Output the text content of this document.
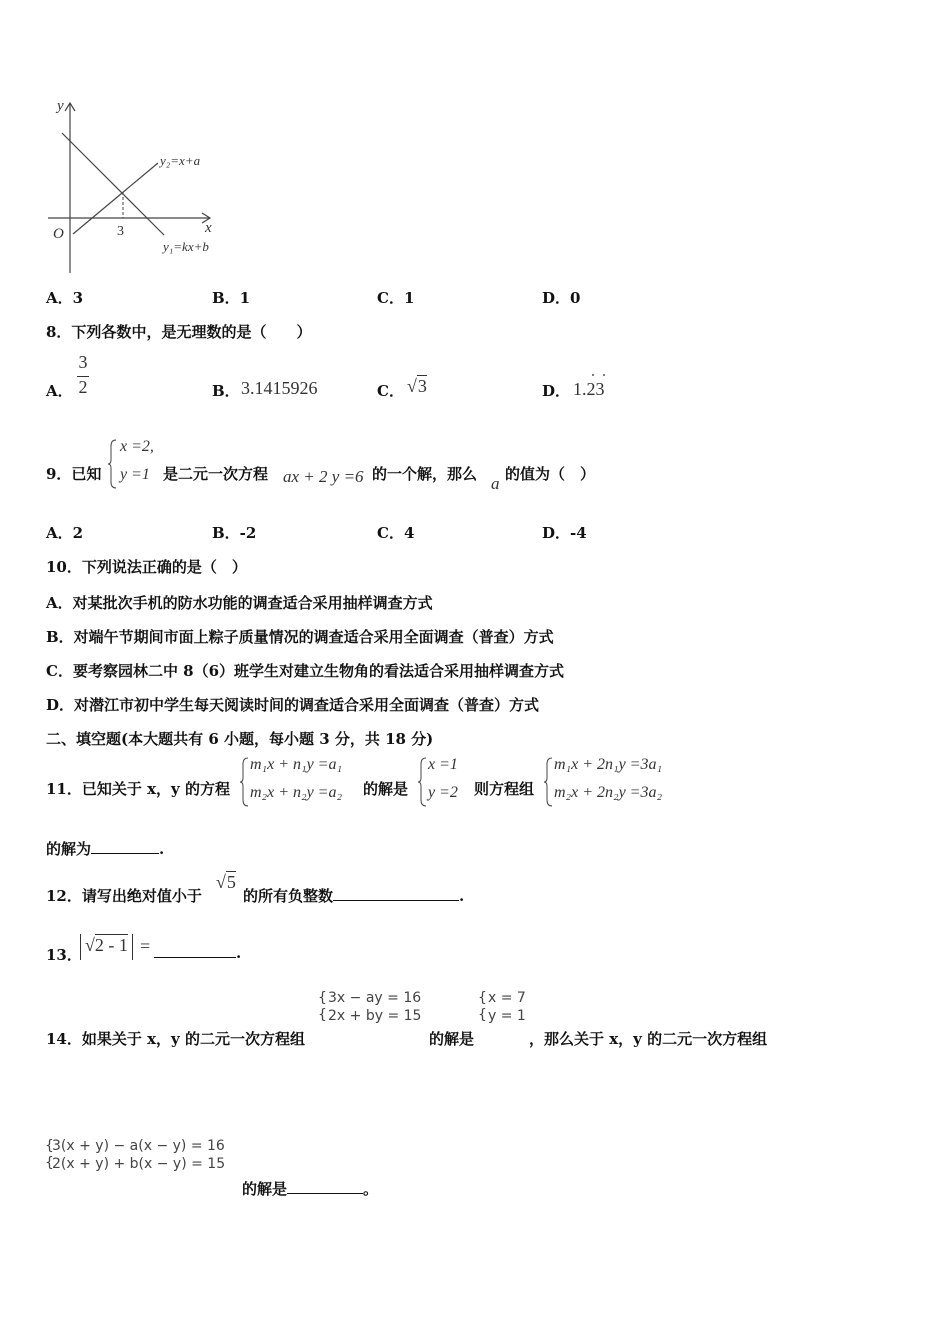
y
x
O	3
y₂=x+a
y₁=kx+b
A．3	B．1	C．1	D．0
8．下列各数中，是无理数的是（　　）
A．
3
2	B． 3.1415926	C． √3	D． 1.23
9．已知
x =2,
y =1 是二元一次方程 ax + 2 y =6 的一个解，那么 a 的值为（　）
A．2	B．-2	C．4	D．-4
10．下列说法正确的是（　）
A．对某批次手机的防水功能的调查适合采用抽样调查方式
B．对端午节期间市面上粽子质量情况的调查适合采用全面调查（普查）方式
C．要考察园林二中 8（6）班学生对建立生物角的看法适合采用抽样调查方式
D．对潜江市初中学生每天阅读时间的调查适合采用全面调查（普查）方式
二、填空题(本大题共有 6 小题，每小题 3 分，共 18 分)
11．已知关于 x，y 的方程
m₁x + n₁y =a₁
m₂x + n₂y =a₂ 的解是
x =1
y =2 则方程组
m₁x + 2n₁y =3a₁
m₂x + 2n₂y =3a₂
的解为	.
12．请写出绝对值小于
√5
的所有负整数	.
13． √2 - 1 =	.
14．如果关于 x，y 的二元一次方程组
{
{
3x − ay = 16
2x + by = 15
的解是
{
{
x = 7
y = 1
，那么关于 x，y 的二元一次方程组
{
{
3(x + y) − a(x − y) = 16
2(x + y) + b(x − y) = 15
的解是	。
